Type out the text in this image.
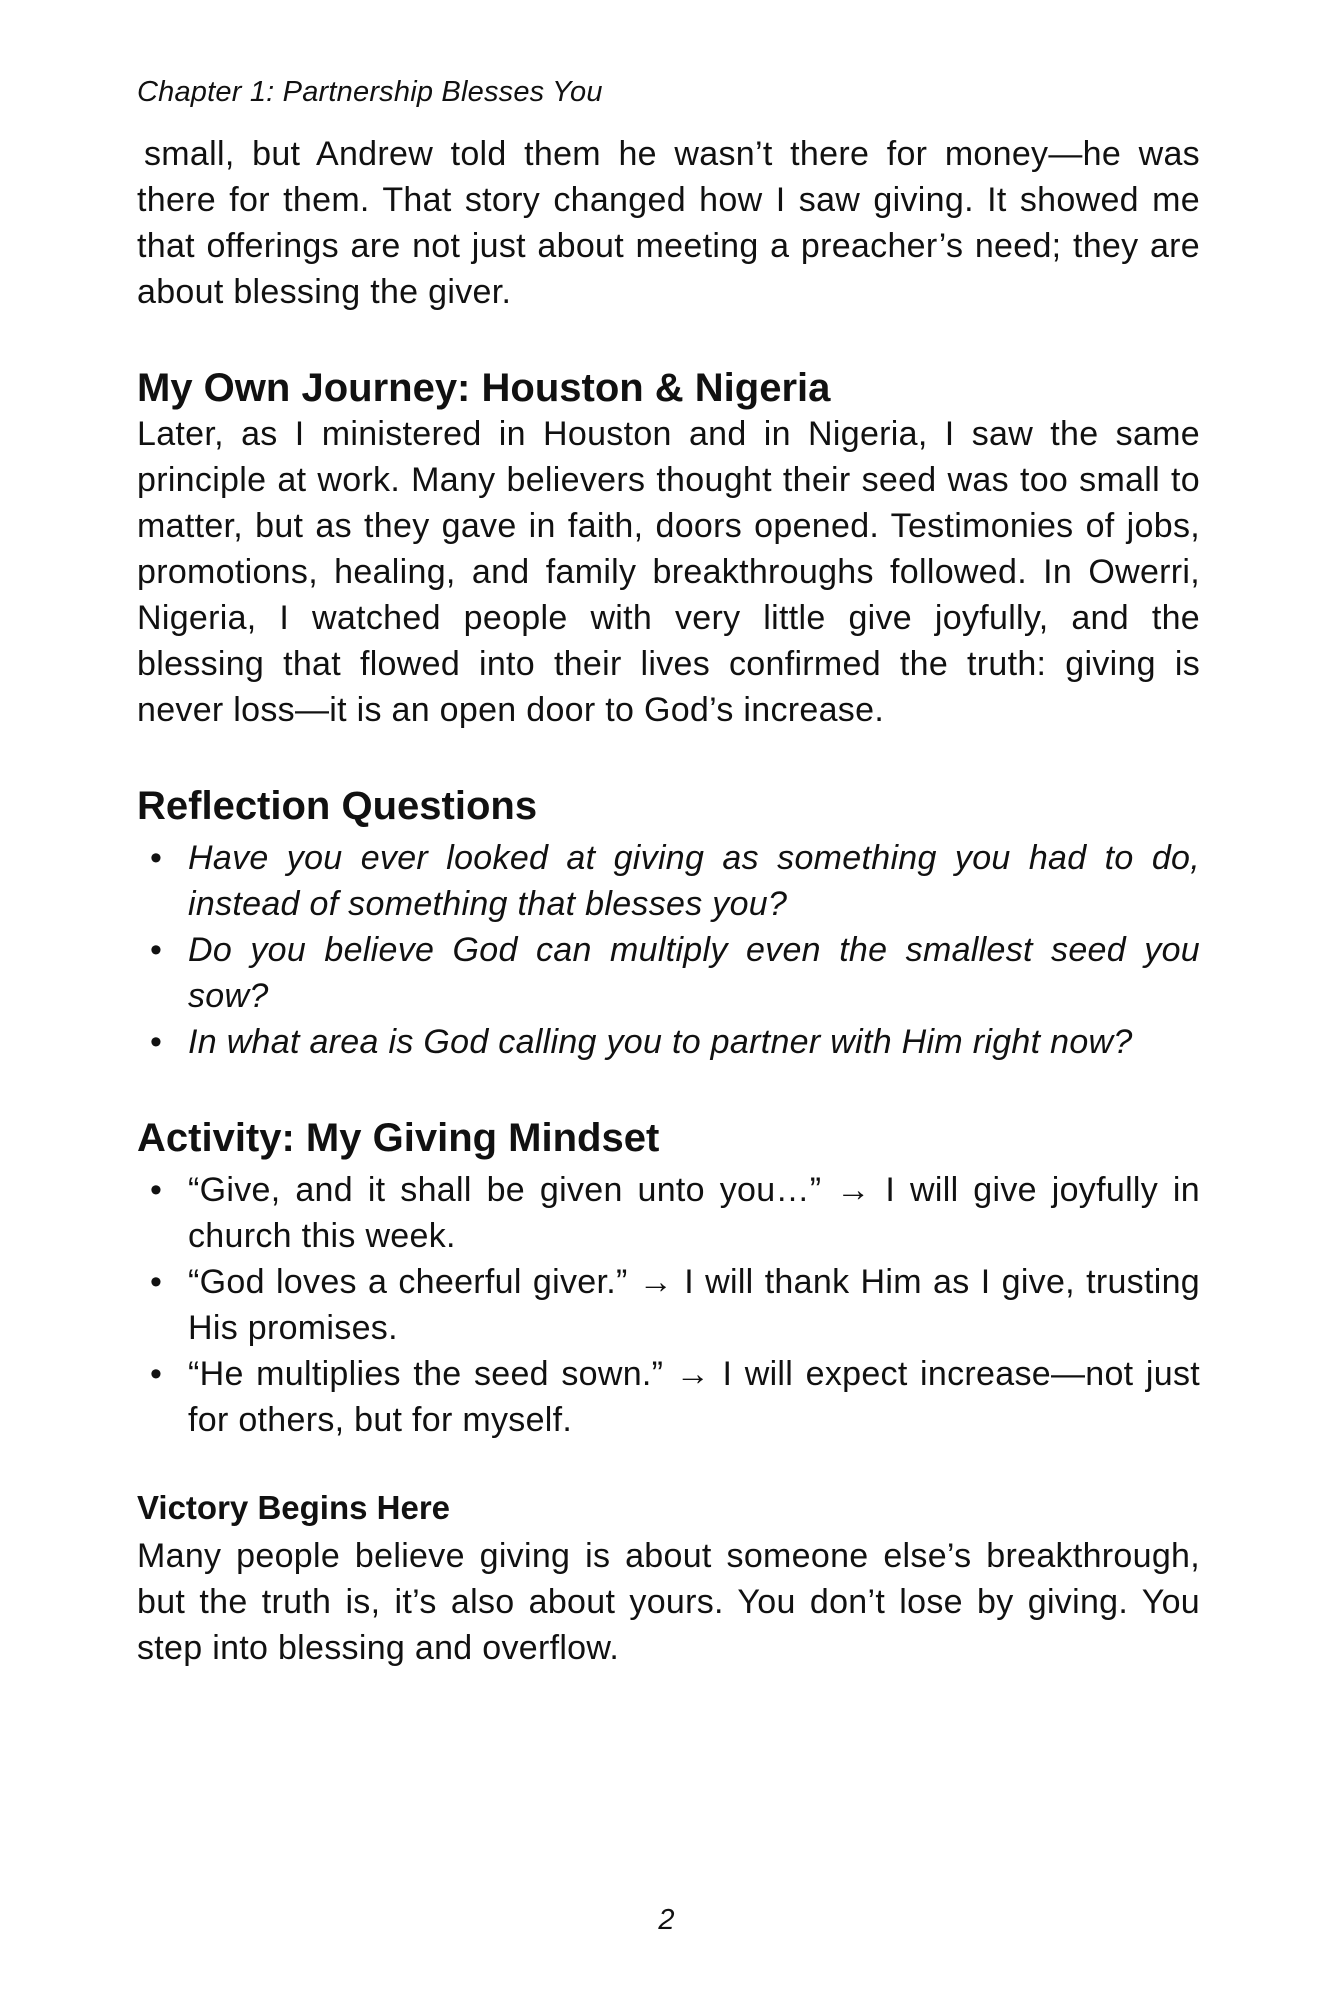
Chapter 1: Partnership Blesses You

small, but Andrew told them he wasn’t there for money—he was there for them. That story changed how I saw giving. It showed me that offerings are not just about meeting a preacher’s need; they are about blessing the giver.

My Own Journey: Houston & Nigeria

Later, as I ministered in Houston and in Nigeria, I saw the same principle at work. Many believers thought their seed was too small to matter, but as they gave in faith, doors opened. Testimonies of jobs, promotions, healing, and family breakthroughs followed. In Owerri, Nigeria, I watched people with very little give joyfully, and the blessing that flowed into their lives confirmed the truth: giving is never loss—it is an open door to God’s increase.

Reflection Questions
• Have you ever looked at giving as something you had to do, instead of something that blesses you?
• Do you believe God can multiply even the smallest seed you sow?
• In what area is God calling you to partner with Him right now?
Activity: My Giving Mindset
• “Give, and it shall be given unto you…” → I will give joyfully in church this week.
• “God loves a cheerful giver.” → I will thank Him as I give, trusting His promises.
• “He multiplies the seed sown.” → I will expect increase—not just for others, but for myself.
Victory Begins Here

Many people believe giving is about someone else’s breakthrough, but the truth is, it’s also about yours. You don’t lose by giving. You step into blessing and overflow.

2
